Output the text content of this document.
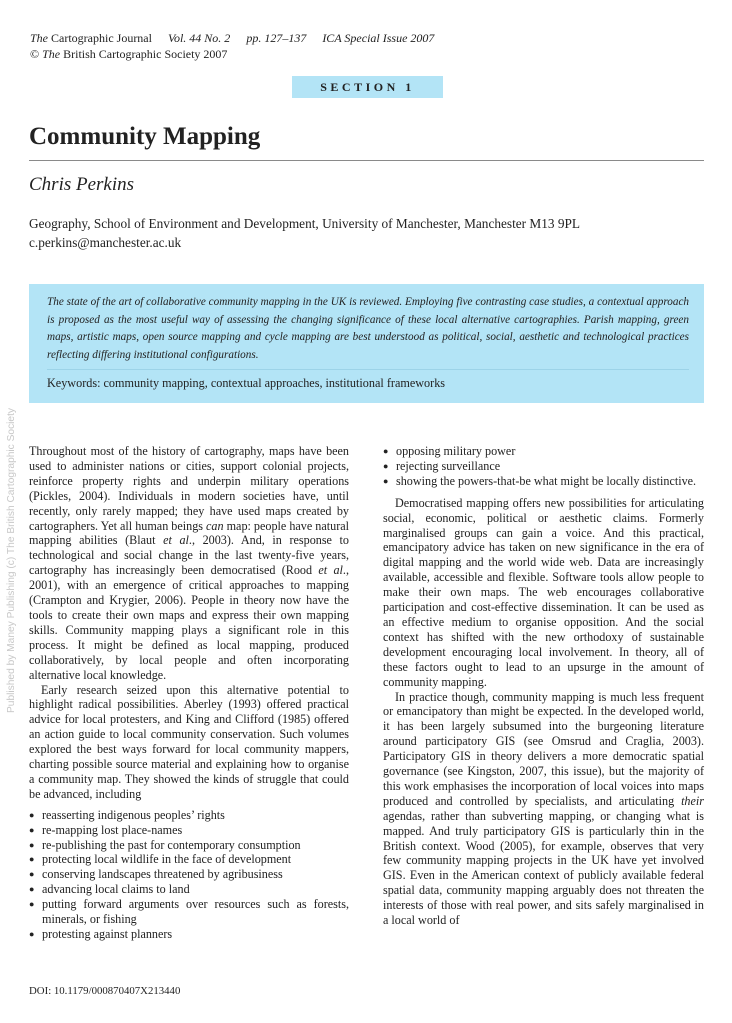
The Cartographic Journal Vol. 44 No. 2 pp. 127–137 ICA Special Issue 2007
© The British Cartographic Society 2007
SECTION 1
Community Mapping
Chris Perkins
Geography, School of Environment and Development, University of Manchester, Manchester M13 9PL
c.perkins@manchester.ac.uk

The state of the art of collaborative community mapping in the UK is reviewed. Employing five contrasting case studies, a contextual approach is proposed as the most useful way of assessing the changing significance of these local alternative cartographies. Parish mapping, green maps, artistic maps, open source mapping and cycle mapping are best understood as political, social, aesthetic and technological practices reflecting differing institutional configurations.

Keywords: community mapping, contextual approaches, institutional frameworks
Published by Maney Publishing (c) The British Cartographic Society Throughout most of the history of cartography, maps have been used to administer nations or cities, support colonial projects, reinforce property rights and underpin military operations (Pickles, 2004). Individuals in modern societies have, until recently, only rarely mapped; they have used maps created by cartographers. Yet all human beings can map: people have natural mapping abilities (Blaut et al., 2003). And, in response to technological and social change in the last twenty-five years, cartography has increasingly been democratised (Rood et al., 2001), with an emergence of critical approaches to mapping (Crampton and Krygier, 2006). People in theory now have the tools to create their own maps and express their own mapping skills. Community mapping plays a significant role in this process. It might be defined as local mapping, produced collaboratively, by local people and often incorporating alternative local knowledge.

Early research seized upon this alternative potential to highlight radical possibilities. Aberley (1993) offered practical advice for local protesters, and King and Clifford (1985) offered an action guide to local community conservation. Such volumes explored the best ways forward for local community mappers, charting possible source material and explaining how to organise a community map. They showed the kinds of struggle that could be advanced, including

● reasserting indigenous peoples’ rights
● re-mapping lost place-names
● re-publishing the past for contemporary consumption
● protecting local wildlife in the face of development
● conserving landscapes threatened by agribusiness
● advancing local claims to land
● putting forward arguments over resources such as forests, minerals, or fishing
● protesting against planners
● opposing military power
● rejecting surveillance
● showing the powers-that-be what might be locally distinctive.

Democratised mapping offers new possibilities for articulating social, economic, political or aesthetic claims. Formerly marginalised groups can gain a voice. And this practical, emancipatory advice has taken on new significance in the era of digital mapping and the world wide web. Data are increasingly available, accessible and flexible. Software tools allow people to make their own maps. The web encourages collaborative participation and cost-effective dissemination. It can be used as an effective medium to organise opposition. And the social context has shifted with the new orthodoxy of sustainable development encouraging local involvement. In theory, all of these factors ought to lead to an upsurge in the amount of community mapping.

In practice though, community mapping is much less frequent or emancipatory than might be expected. In the developed world, it has been largely subsumed into the burgeoning literature around participatory GIS (see Omsrud and Craglia, 2003). Participatory GIS in theory delivers a more democratic spatial governance (see Kingston, 2007, this issue), but the majority of this work emphasises the incorporation of local voices into maps produced and controlled by specialists, and articulating their agendas, rather than subverting mapping, or changing what is mapped. And truly participatory GIS is particularly thin in the British context. Wood (2005), for example, observes that very few community mapping projects in the UK have yet involved GIS. Even in the American context of publicly available federal spatial data, community mapping arguably does not threaten the interests of those with real power, and sits safely marginalised in a local world of

DOI: 10.1179/000870407X213440
